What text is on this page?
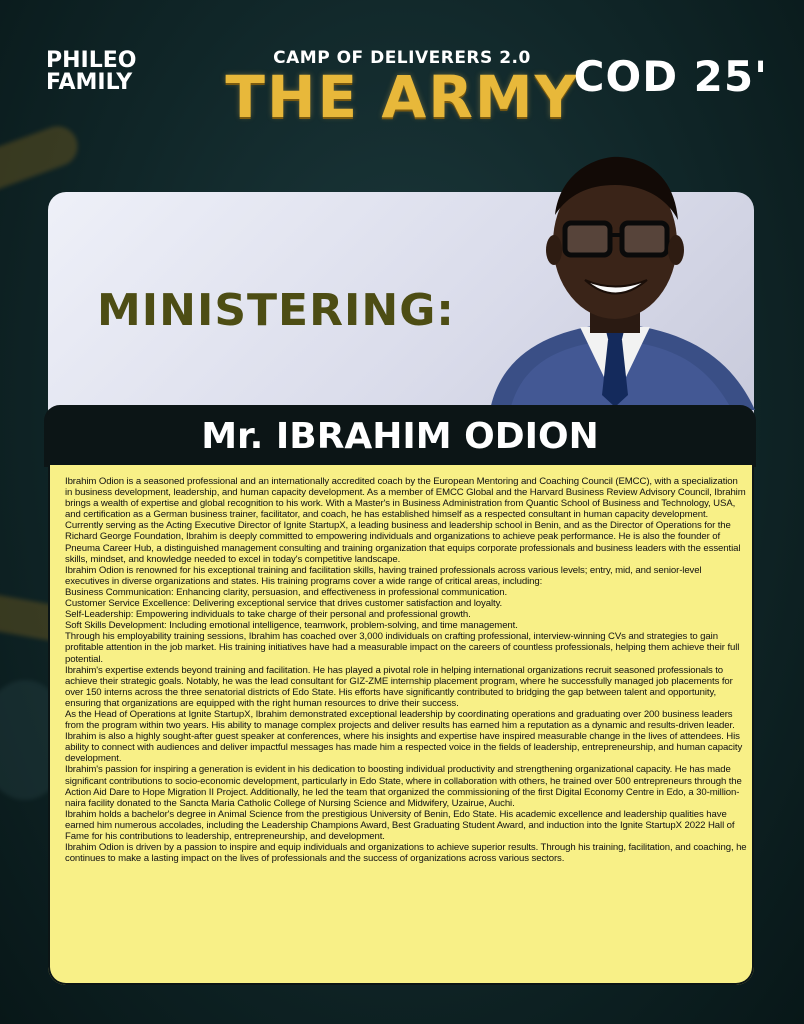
PHILEO
FAMILY
CAMP OF DELIVERERS 2.0
THE ARMY
COD 25'
MINISTERING:
Mr. IBRAHIM ODION

Ibrahim Odion is a seasoned professional and an internationally accredited coach by the European Mentoring and Coaching Council (EMCC), with a specialization in business development, leadership, and human capacity development. As a member of EMCC Global and the Harvard Business Review Advisory Council, Ibrahim brings a wealth of expertise and global recognition to his work. With a Master's in Business Administration from Quantic School of Business and Technology, USA, and certification as a German business trainer, facilitator, and coach, he has established himself as a respected consultant in human capacity development.

Currently serving as the Acting Executive Director of Ignite StartupX, a leading business and leadership school in Benin, and as the Director of Operations for the Richard George Foundation, Ibrahim is deeply committed to empowering individuals and organizations to achieve peak performance. He is also the founder of Pneuma Career Hub, a distinguished management consulting and training organization that equips corporate professionals and business leaders with the essential skills, mindset, and knowledge needed to excel in today's competitive landscape.

Ibrahim Odion is renowned for his exceptional training and facilitation skills, having trained professionals across various levels; entry, mid, and senior-level executives in diverse organizations and states. His training programs cover a wide range of critical areas, including:

Business Communication: Enhancing clarity, persuasion, and effectiveness in professional communication.

Customer Service Excellence: Delivering exceptional service that drives customer satisfaction and loyalty.

Self-Leadership: Empowering individuals to take charge of their personal and professional growth.

Soft Skills Development: Including emotional intelligence, teamwork, problem-solving, and time management.

Through his employability training sessions, Ibrahim has coached over 3,000 individuals on crafting professional, interview-winning CVs and strategies to gain profitable attention in the job market. His training initiatives have had a measurable impact on the careers of countless professionals, helping them achieve their full potential.

Ibrahim's expertise extends beyond training and facilitation. He has played a pivotal role in helping international organizations recruit seasoned professionals to achieve their strategic goals. Notably, he was the lead consultant for GIZ-ZME internship placement program, where he successfully managed job placements for over 150 interns across the three senatorial districts of Edo State. His efforts have significantly contributed to bridging the gap between talent and opportunity, ensuring that organizations are equipped with the right human resources to drive their success.

As the Head of Operations at Ignite StartupX, Ibrahim demonstrated exceptional leadership by coordinating operations and graduating over 200 business leaders from the program within two years. His ability to manage complex projects and deliver results has earned him a reputation as a dynamic and results-driven leader.

Ibrahim is also a highly sought-after guest speaker at conferences, where his insights and expertise have inspired measurable change in the lives of attendees. His ability to connect with audiences and deliver impactful messages has made him a respected voice in the fields of leadership, entrepreneurship, and human capacity development.

Ibrahim's passion for inspiring a generation is evident in his dedication to boosting individual productivity and strengthening organizational capacity. He has made significant contributions to socio-economic development, particularly in Edo State, where in collaboration with others, he trained over 500 entrepreneurs through the Action Aid Dare to Hope Migration II Project. Additionally, he led the team that organized the commissioning of the first Digital Economy Centre in Edo, a 30-million-naira facility donated to the Sancta Maria Catholic College of Nursing Science and Midwifery, Uzairue, Auchi.

Ibrahim holds a bachelor's degree in Animal Science from the prestigious University of Benin, Edo State. His academic excellence and leadership qualities have earned him numerous accolades, including the Leadership Champions Award, Best Graduating Student Award, and induction into the Ignite StartupX 2022 Hall of Fame for his contributions to leadership, entrepreneurship, and development.

Ibrahim Odion is driven by a passion to inspire and equip individuals and organizations to achieve superior results. Through his training, facilitation, and coaching, he continues to make a lasting impact on the lives of professionals and the success of organizations across various sectors.
